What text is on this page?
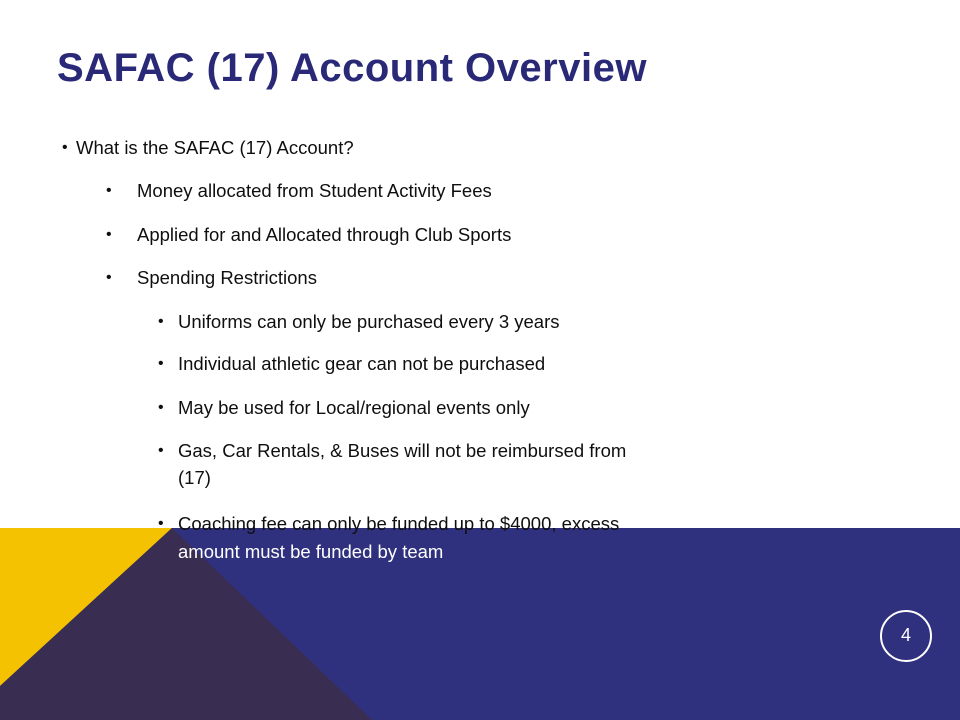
SAFAC (17) Account Overview
• What is the SAFAC (17) Account?
• Money allocated from Student Activity Fees
• Applied for and Allocated through Club Sports
• Spending Restrictions
• Uniforms can only be purchased every 3 years
• Individual athletic gear can not be purchased
• May be used for Local/regional events only
• Gas, Car Rentals, & Buses will not be reimbursed from
(17)
• Coaching fee can only be funded up to $4000, excess
amount must be funded by team
4
